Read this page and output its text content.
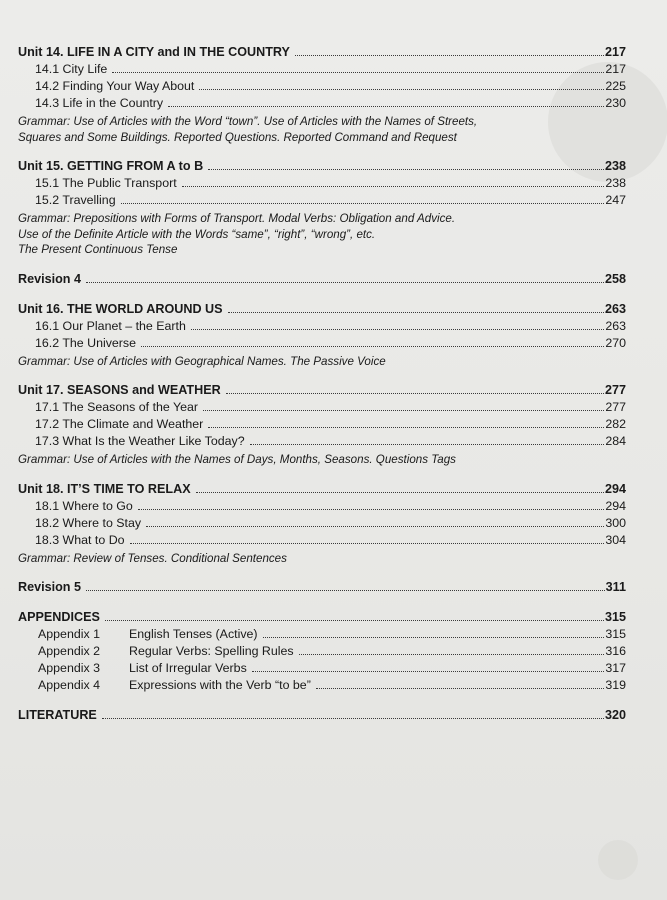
Unit 14. LIFE IN A CITY and IN THE COUNTRY	217
14.1 City Life	217
14.2 Finding Your Way About	225
14.3 Life in the Country	230
Grammar: Use of Articles with the Word “town”. Use of Articles with the Names of Streets,
Squares and Some Buildings. Reported Questions. Reported Command and Request
Unit 15. GETTING FROM A to B	238
15.1 The Public Transport	238
15.2 Travelling	247
Grammar: Prepositions with Forms of Transport. Modal Verbs: Obligation and Advice.
Use of the Definite Article with the Words “same”, “right”, “wrong”, etc.
The Present Continuous Tense
Revision 4	258
Unit 16. THE WORLD AROUND US	263
16.1 Our Planet – the Earth	263
16.2 The Universe	270
Grammar: Use of Articles with Geographical Names. The Passive Voice
Unit 17. SEASONS and WEATHER	277
17.1 The Seasons of the Year	277
17.2 The Climate and Weather	282
17.3 What Is the Weather Like Today?	284
Grammar: Use of Articles with the Names of Days, Months, Seasons. Questions Tags
Unit 18. IT’S TIME TO RELAX	294
18.1 Where to Go	294
18.2 Where to Stay	300
18.3 What to Do	304
Grammar: Review of Tenses. Conditional Sentences
Revision 5	311
APPENDICES	315
Appendix 1	English Tenses (Active)	315
Appendix 2	Regular Verbs: Spelling Rules	316
Appendix 3	List of Irregular Verbs	317
Appendix 4	Expressions with the Verb “to be”	319
LITERATURE	320
